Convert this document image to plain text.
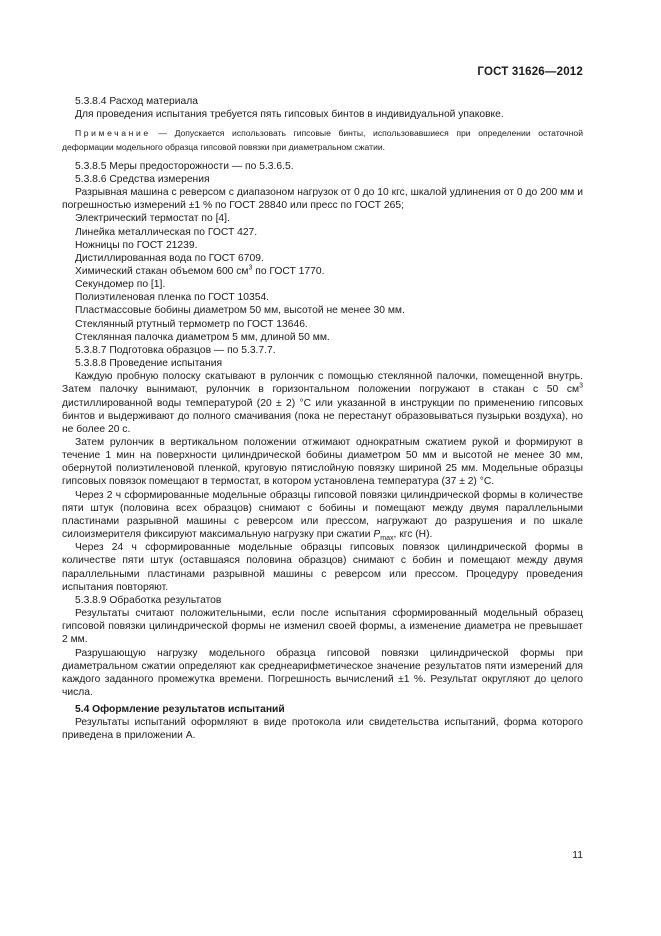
ГОСТ 31626—2012

5.3.8.4 Расход материала

Для проведения испытания требуется пять гипсовых бинтов в индивидуальной упаковке.

Примечание — Допускается использовать гипсовые бинты, использовавшиеся при определении остаточной деформации модельного образца гипсовой повязки при диаметральном сжатии.

5.3.8.5 Меры предосторожности — по 5.3.6.5.

5.3.8.6 Средства измерения

Разрывная машина с реверсом с диапазоном нагрузок от 0 до 10 кгс, шкалой удлинения от 0 до 200 мм и погрешностью измерений ±1 % по ГОСТ 28840 или пресс по ГОСТ 265;

Электрический термостат по [4].

Линейка металлическая по ГОСТ 427.

Ножницы по ГОСТ 21239.

Дистиллированная вода по ГОСТ 6709.

Химический стакан объемом 600 $см^3$ по ГОСТ 1770.

Секундомер по [1].

Полиэтиленовая пленка по ГОСТ 10354.

Пластмассовые бобины диаметром 50 мм, высотой не менее 30 мм.

Стеклянный ртутный термометр по ГОСТ 13646.

Стеклянная палочка диаметром 5 мм, длиной 50 мм.

5.3.8.7 Подготовка образцов — по 5.3.7.7.

5.3.8.8 Проведение испытания

Каждую пробную полоску скатывают в рулончик с помощью стеклянной палочки, помещенной внутрь. Затем палочку вынимают, рулончик в горизонтальном положении погружают в стакан с 50 $см^3$ дистиллированной воды температурой (20 ± 2) °С или указанной в инструкции по применению гипсовых бинтов и выдерживают до полного смачивания (пока не перестанут образовываться пузырьки воздуха), но не более 20 с.

Затем рулончик в вертикальном положении отжимают однократным сжатием рукой и формируют в течение 1 мин на поверхности цилиндрической бобины диаметром 50 мм и высотой не менее 30 мм, обернутой полиэтиленовой пленкой, круговую пятислойную повязку шириной 25 мм. Модельные образцы гипсовых повязок помещают в термостат, в котором установлена температура (37 ± 2) °С.

Через 2 ч сформированные модельные образцы гипсовой повязки цилиндрической формы в количестве пяти штук (половина всех образцов) снимают с бобины и помещают между двумя параллельными пластинами разрывной машины с реверсом или прессом, нагружают до разрушения и по шкале силоизмерителя фиксируют максимальную нагрузку при сжатии $P_{max}$, кгс (Н).

Через 24 ч сформированные модельные образцы гипсовых повязок цилиндрической формы в количестве пяти штук (оставшаяся половина образцов) снимают с бобин и помещают между двумя параллельными пластинами разрывной машины с реверсом или прессом. Процедуру проведения испытания повторяют.

5.3.8.9 Обработка результатов

Результаты считают положительными, если после испытания сформированный модельный образец гипсовой повязки цилиндрической формы не изменил своей формы, а изменение диаметра не превышает 2 мм.

Разрушающую нагрузку модельного образца гипсовой повязки цилиндрической формы при диаметральном сжатии определяют как среднеарифметическое значение результатов пяти измерений для каждого заданного промежутка времени. Погрешность вычислений ±1 %. Результат округляют до целого числа.

5.4 Оформление результатов испытаний

Результаты испытаний оформляют в виде протокола или свидетельства испытаний, форма которого приведена в приложении А.

11
